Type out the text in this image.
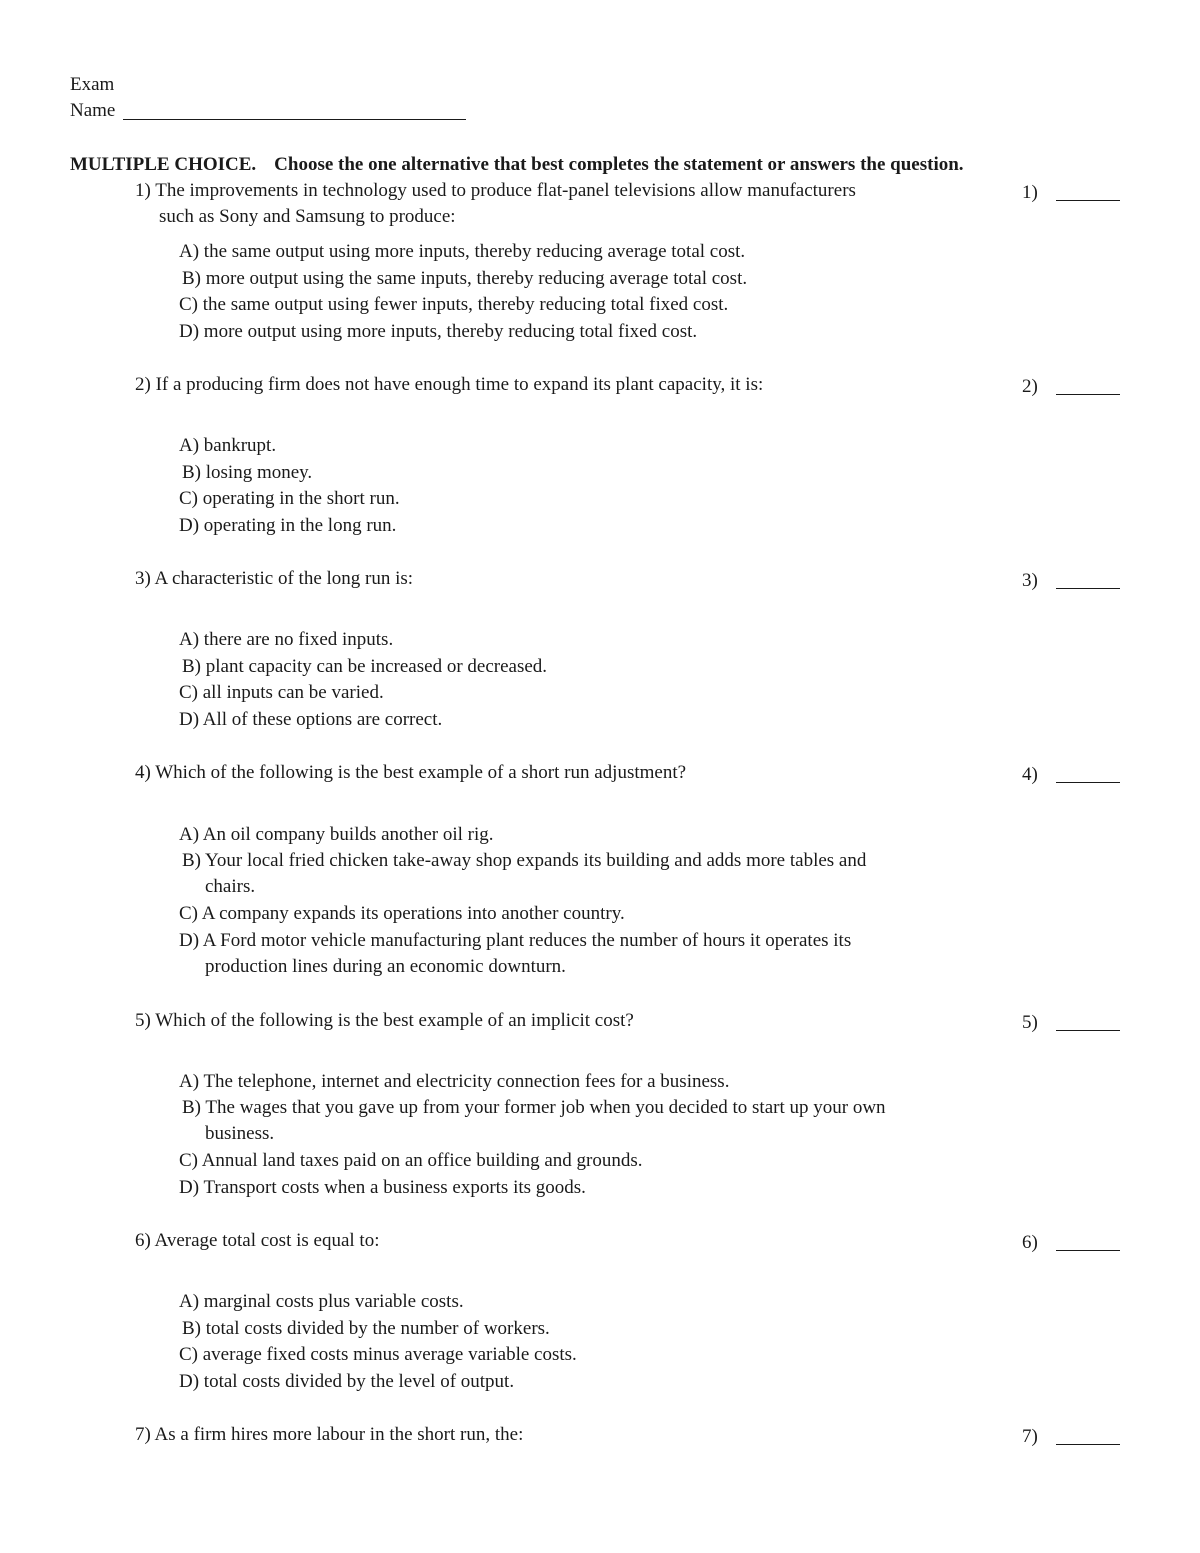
Exam
Name
MULTIPLE CHOICE. Choose the one alternative that best completes the statement or answers the question.
1) The improvements in technology used to produce flat-panel televisions allow manufacturers
such as Sony and Samsung to produce:
1)
A) the same output using more inputs, thereby reducing average total cost.
B) more output using the same inputs, thereby reducing average total cost.
C) the same output using fewer inputs, thereby reducing total fixed cost.
D) more output using more inputs, thereby reducing total fixed cost.
2) If a producing firm does not have enough time to expand its plant capacity, it is:	2)
A) bankrupt.
B) losing money.
C) operating in the short run.
D) operating in the long run.
3) A characteristic of the long run is:	3)
A) there are no fixed inputs.
B) plant capacity can be increased or decreased.
C) all inputs can be varied.
D) All of these options are correct.
4) Which of the following is the best example of a short run adjustment?	4)
A) An oil company builds another oil rig.
B) Your local fried chicken take-away shop expands its building and adds more tables and
chairs.
C) A company expands its operations into another country.
D) A Ford motor vehicle manufacturing plant reduces the number of hours it operates its
production lines during an economic downturn.
5) Which of the following is the best example of an implicit cost?	5)
A) The telephone, internet and electricity connection fees for a business.
B) The wages that you gave up from your former job when you decided to start up your own
business.
C) Annual land taxes paid on an office building and grounds.
D) Transport costs when a business exports its goods.
6) Average total cost is equal to:	6)
A) marginal costs plus variable costs.
B) total costs divided by the number of workers.
C) average fixed costs minus average variable costs.
D) total costs divided by the level of output.
7) As a firm hires more labour in the short run, the:	7)
